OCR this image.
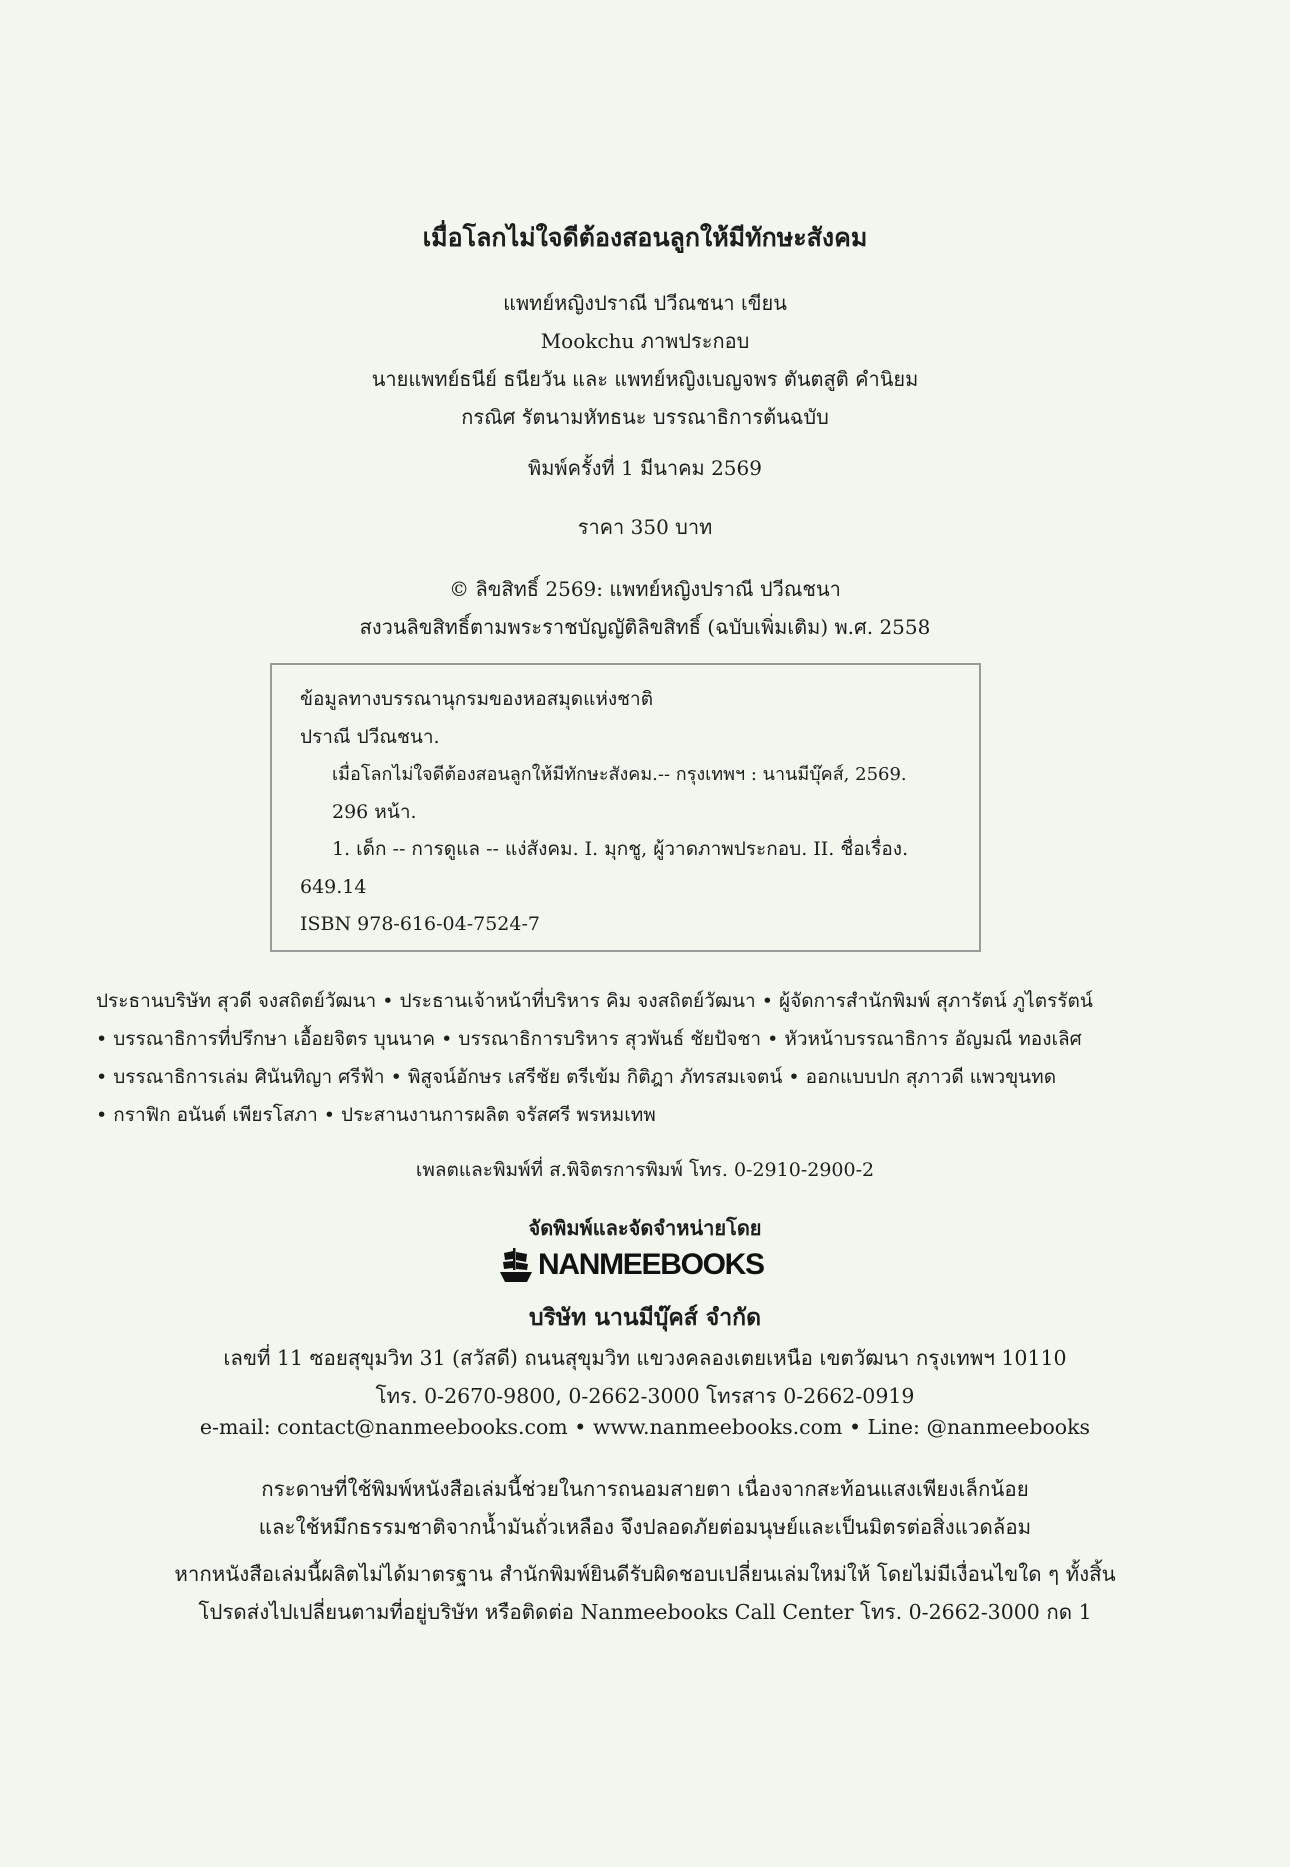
เมื่อโลกไม่ใจดีต้องสอนลูกให้มีทักษะสังคม
แพทย์หญิงปราณี ปวีณชนา เขียน
Mookchu ภาพประกอบ
นายแพทย์ธนีย์ ธนียวัน และ แพทย์หญิงเบญจพร ตันตสูติ คำนิยม
กรณิศ รัตนามหัทธนะ บรรณาธิการต้นฉบับ
พิมพ์ครั้งที่ 1 มีนาคม 2569
ราคา 350 บาท
© ลิขสิทธิ์ 2569: แพทย์หญิงปราณี ปวีณชนา
สงวนลิขสิทธิ์ตามพระราชบัญญัติลิขสิทธิ์ (ฉบับเพิ่มเติม) พ.ศ. 2558
ข้อมูลทางบรรณานุกรมของหอสมุดแห่งชาติ
ปราณี ปวีณชนา.
เมื่อโลกไม่ใจดีต้องสอนลูกให้มีทักษะสังคม.-- กรุงเทพฯ : นานมีบุ๊คส์, 2569.
296 หน้า.
1. เด็ก -- การดูแล -- แง่สังคม. I. มุกชู, ผู้วาดภาพประกอบ. II. ชื่อเรื่อง.
649.14
ISBN 978-616-04-7524-7
ประธานบริษัท สุวดี จงสถิตย์วัฒนา • ประธานเจ้าหน้าที่บริหาร คิม จงสถิตย์วัฒนา • ผู้จัดการสำนักพิมพ์ สุภารัตน์ ภูไตรรัตน์
• บรรณาธิการที่ปรึกษา เอื้อยจิตร บุนนาค • บรรณาธิการบริหาร สุวพันธ์ ชัยปัจชา • หัวหน้าบรรณาธิการ อัญมณี ทองเลิศ
• บรรณาธิการเล่ม ศินันทิญา ศรีฟ้า • พิสูจน์อักษร เสรีชัย ตรีเข้ม กิติฎา ภัทรสมเจตน์ • ออกแบบปก สุภาวดี แพวขุนทด
• กราฟิก อนันต์ เพียรโสภา • ประสานงานการผลิต จรัสศรี พรหมเทพ
เพลตและพิมพ์ที่ ส.พิจิตรการพิมพ์ โทร. 0-2910-2900-2
จัดพิมพ์และจัดจำหน่ายโดย
NANMEEBOOKS
บริษัท นานมีบุ๊คส์ จำกัด
เลขที่ 11 ซอยสุขุมวิท 31 (สวัสดี) ถนนสุขุมวิท แขวงคลองเตยเหนือ เขตวัฒนา กรุงเทพฯ 10110
โทร. 0-2670-9800, 0-2662-3000 โทรสาร 0-2662-0919
e-mail: contact@nanmeebooks.com • www.nanmeebooks.com • Line: @nanmeebooks
กระดาษที่ใช้พิมพ์หนังสือเล่มนี้ช่วยในการถนอมสายตา เนื่องจากสะท้อนแสงเพียงเล็กน้อย
และใช้หมึกธรรมชาติจากน้ำมันถั่วเหลือง จึงปลอดภัยต่อมนุษย์และเป็นมิตรต่อสิ่งแวดล้อม
หากหนังสือเล่มนี้ผลิตไม่ได้มาตรฐาน สำนักพิมพ์ยินดีรับผิดชอบเปลี่ยนเล่มใหม่ให้ โดยไม่มีเงื่อนไขใด ๆ ทั้งสิ้น
โปรดส่งไปเปลี่ยนตามที่อยู่บริษัท หรือติดต่อ Nanmeebooks Call Center โทร. 0-2662-3000 กด 1
